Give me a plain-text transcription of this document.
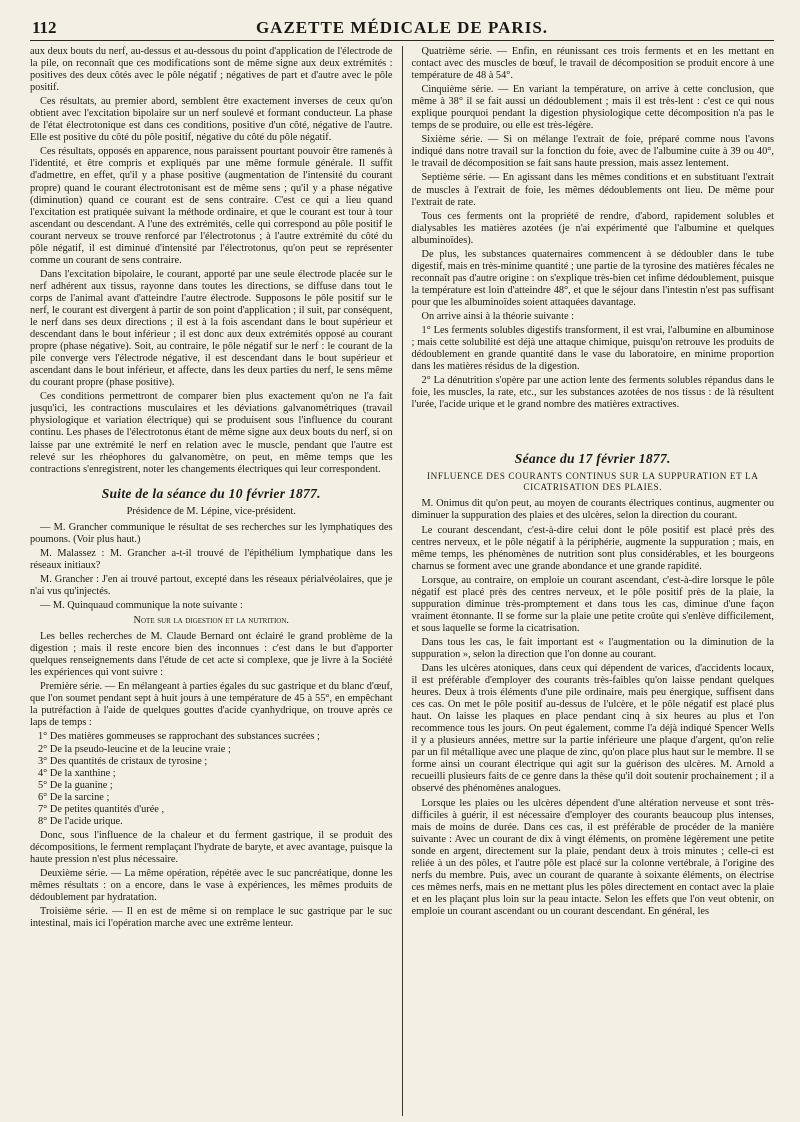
112	GAZETTE MÉDICALE DE PARIS.

aux deux bouts du nerf, au-dessus et au-dessous du point d'application de l'électrode de la pile, on reconnaît que ces modifications sont de même signe aux deux extrémités : positives des deux côtés avec le pôle négatif ; négatives de part et d'autre avec le pôle positif.

Ces résultats, au premier abord, semblent être exactement inverses de ceux qu'on obtient avec l'excitation bipolaire sur un nerf soulevé et formant conducteur. La phase de l'état électrotonique est dans ces conditions, positive d'un côté, négative de l'autre. Elle est positive du côté du pôle positif, négative du côté du pôle négatif.

Ces résultats, opposés en apparence, nous paraissent pourtant pouvoir être ramenés à l'identité, et être compris et expliqués par une même formule générale. Il suffit d'admettre, en effet, qu'il y a phase positive (augmentation de l'intensité du courant propre) quand le courant électrotonisant est de même sens ; qu'il y a phase négative (diminution) quand ce courant est de sens contraire. C'est ce qui a lieu quand l'excitation est pratiquée suivant la méthode ordinaire, et que le courant est tour à tour ascendant ou descendant. A l'une des extrémités, celle qui correspond au pôle positif le courant nerveux se trouve renforcé par l'électrotonus ; à l'autre extrémité du côté du pôle négatif, il est diminué d'intensité par l'électrotonus, qu'on peut se représenter comme un courant de sens contraire.

Dans l'excitation bipolaire, le courant, apporté par une seule électrode placée sur le nerf adhérent aux tissus, rayonne dans toutes les directions, se diffuse dans tout le corps de l'animal avant d'atteindre l'autre électrode. Supposons le pôle positif sur le nerf, le courant est divergent à partir de son point d'application ; il suit, par conséquent, le nerf dans ses deux directions ; il est à la fois ascendant dans le bout supérieur et descendant dans le bout inférieur ; il est donc aux deux extrémités opposé au courant propre (phase négative). Soit, au contraire, le pôle négatif sur le nerf : le courant de la pile converge vers l'électrode négative, il est descendant dans le bout supérieur et ascendant dans le bout inférieur, et affecte, dans les deux parties du nerf, le sens même du courant propre (phase positive).

Ces conditions permettront de comparer bien plus exactement qu'on ne l'a fait jusqu'ici, les contractions musculaires et les déviations galvanométriques (travail physiologique et variation électrique) qui se produisent sous l'influence du courant continu. Les phases de l'électrotonus étant de même signe aux deux bouts du nerf, si on laisse par une extrémité le nerf en relation avec le muscle, pendant que l'autre est relevé sur les rhéophores du galvanomètre, on peut, en même temps que les contractions s'enregistrent, noter les changements électriques qui leur correspondent.

Suite de la séance du 10 février 1877.

Présidence de M. Lépine, vice-président.

— M. Grancher communique le résultat de ses recherches sur les lymphatiques des poumons. (Voir plus haut.)

M. Malassez : M. Grancher a-t-il trouvé de l'épithélium lymphatique dans les réseaux initiaux?

M. Grancher : J'en ai trouvé partout, excepté dans les réseaux périalvéolaires, que je n'ai vus qu'injectés.

— M. Quinquaud communique la note suivante :

Note sur la digestion et la nutrition.

Les belles recherches de M. Claude Bernard ont éclairé le grand problème de la digestion ; mais il reste encore bien des inconnues : c'est dans le but d'apporter quelques renseignements dans l'étude de cet acte si complexe, que je livre à la Société les expériences qui vont suivre :

Première série. — En mélangeant à parties égales du suc gastrique et du blanc d'œuf, que l'on soumet pendant sept à huit jours à une température de 45 à 55°, en empêchant la putréfaction à l'aide de quelques gouttes d'acide cyanhydrique, on trouve après ce laps de temps :

1° Des matières gommeuses se rapprochant des substances sucrées ;
2° De la pseudo-leucine et de la leucine vraie ;
3° Des quantités de cristaux de tyrosine ;
4° De la xanthine ;
5° De la guanine ;
6° De la sarcine ;
7° De petites quantités d'urée ,
8° De l'acide urique.

Donc, sous l'influence de la chaleur et du ferment gastrique, il se produit des décompositions, le ferment remplaçant l'hydrate de baryte, et avec avantage, puisque la haute pression n'est plus nécessaire.

Deuxième série. — La même opération, répétée avec le suc pancréatique, donne les mêmes résultats : on a encore, dans le vase à expériences, les mêmes produits de dédoublement par hydratation.

Troisième série. — Il en est de même si on remplace le suc gastrique par le suc intestinal, mais ici l'opération marche avec une extrême lenteur.

Quatrième série. — Enfin, en réunissant ces trois ferments et en les mettant en contact avec des muscles de bœuf, le travail de décomposition se produit encore à une température de 48 à 54°.

Cinquième série. — En variant la température, on arrive à cette conclusion, que même à 38° il se fait aussi un dédoublement ; mais il est très-lent : c'est ce qui nous explique pourquoi pendant la digestion physiologique cette décomposition n'a pas le temps de se produire, ou elle est très-légère.

Sixième série. — Si on mélange l'extrait de foie, préparé comme nous l'avons indiqué dans notre travail sur la fonction du foie, avec de l'albumine cuite à 39 ou 40°, le travail de décomposition se fait sans haute pression, mais assez lentement.

Septième série. — En agissant dans les mêmes conditions et en substituant l'extrait de muscles à l'extrait de foie, les mêmes dédoublements ont lieu. De même pour l'extrait de rate.

Tous ces ferments ont la propriété de rendre, d'abord, rapidement solubles et dialysables les matières azotées (je n'ai expérimenté que l'albumine et quelques albuminoïdes).

De plus, les substances quaternaires commencent à se dédoubler dans le tube digestif, mais en très-minime quantité ; une partie de la tyrosine des matières fécales ne reconnaît pas d'autre origine : on s'explique très-bien cet infime dédoublement, puisque la température est loin d'atteindre 48°, et que le séjour dans l'intestin n'est pas suffisant pour que les albuminoïdes soient attaquées davantage.

On arrive ainsi à la théorie suivante :

1° Les ferments solubles digestifs transforment, il est vrai, l'albumine en albuminose ; mais cette solubilité est déjà une attaque chimique, puisqu'on retrouve les produits de dédoublement en grande quantité dans le vase du laboratoire, en minime proportion dans les matières résidus de la digestion.

2° La dénutrition s'opère par une action lente des ferments solubles répandus dans le foie, les muscles, la rate, etc., sur les substances azotées de nos tissus : de là résultent l'urée, l'acide urique et le grand nombre des matières extractives.

Séance du 17 février 1877.
INFLUENCE DES COURANTS CONTINUS SUR LA SUPPURATION ET LA CICATRISATION DES PLAIES.

M. Onimus dit qu'on peut, au moyen de courants électriques continus, augmenter ou diminuer la suppuration des plaies et des ulcères, selon la direction du courant.

Le courant descendant, c'est-à-dire celui dont le pôle positif est placé près des centres nerveux, et le pôle négatif à la périphérie, augmente la suppuration ; mais, en même temps, les phénomènes de nutrition sont plus considérables, et les bourgeons charnus se forment avec une grande abondance et une grande rapidité.

Lorsque, au contraire, on emploie un courant ascendant, c'est-à-dire lorsque le pôle négatif est placé près des centres nerveux, et le pôle positif près de la plaie, la suppuration diminue très-promptement et dans tous les cas, diminue d'une façon vraiment étonnante. Il se forme sur la plaie une petite croûte qui s'enlève difficilement, et sous laquelle se forme la cicatrisation.

Dans tous les cas, le fait important est « l'augmentation ou la diminution de la suppuration », selon la direction que l'on donne au courant.

Dans les ulcères atoniques, dans ceux qui dépendent de varices, d'accidents locaux, il est préférable d'employer des courants très-faibles qu'on laisse pendant quelques heures. Deux à trois éléments d'une pile ordinaire, mais peu énergique, suffisent dans ces cas. On met le pôle positif au-dessus de l'ulcère, et le pôle négatif est placé plus haut. On laisse les plaques en place pendant cinq à six heures au plus et l'on recommence tous les jours. On peut également, comme l'a déjà indiqué Spencer Wells il y a plusieurs années, mettre sur la partie inférieure une plaque d'argent, qu'on relie par un fil métallique avec une plaque de zinc, qu'on place plus haut sur le membre. Il se forme ainsi un courant électrique qui agit sur la guérison des ulcères. M. Arnold a recueilli plusieurs faits de ce genre dans la thèse qu'il doit soutenir prochainement ; il a observé des phénomènes analogues.

Lorsque les plaies ou les ulcères dépendent d'une altération nerveuse et sont très-difficiles à guérir, il est nécessaire d'employer des courants beaucoup plus intenses, mais de moins de durée. Dans ces cas, il est préférable de procéder de la manière suivante : Avec un courant de dix à vingt éléments, on promène légèrement une petite sonde en argent, directement sur la plaie, pendant deux à trois minutes ; celle-ci est reliée à un des pôles, et l'autre pôle est placé sur la colonne vertébrale, à l'origine des nerfs du membre. Puis, avec un courant de quarante à soixante éléments, on électrise ces mêmes nerfs, mais en ne mettant plus les pôles directement en contact avec la plaie et en les plaçant plus loin sur la peau intacte. Selon les effets que l'on veut obtenir, on emploie un courant ascendant ou un courant descendant. En général, les
